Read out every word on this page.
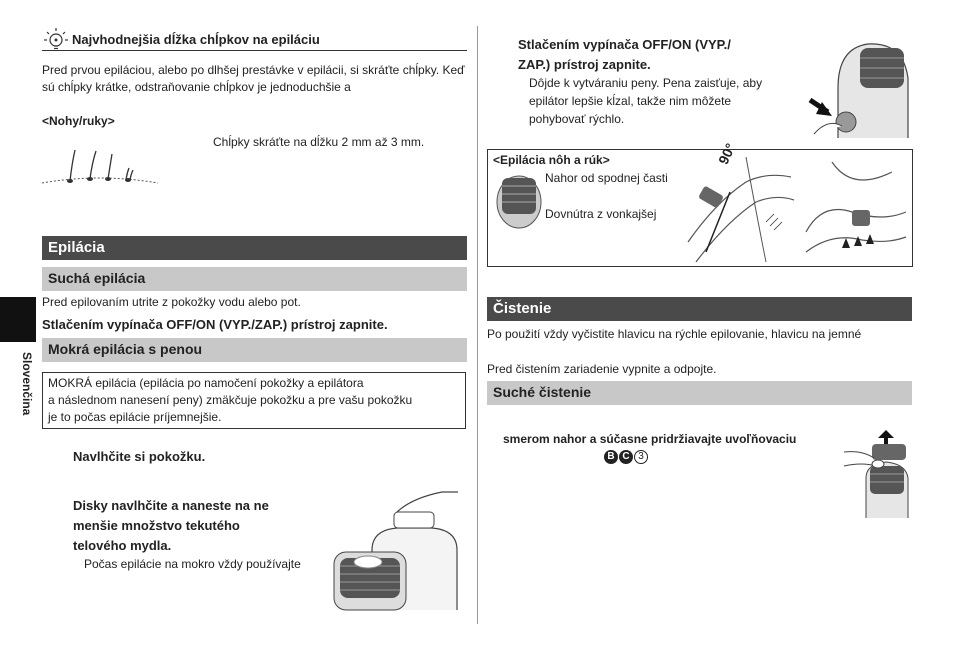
Najvhodnejšia dĺžka chĺpkov na epiláciu
Pred prvou epiláciou, alebo po dlhšej prestávke v epilácii, si skráťte chĺpky. Keď sú chĺpky krátke, odstraňovanie chĺpkov je jednoduchšie a
<Nohy/ruky>
Chĺpky skráťte na dĺžku 2 mm až 3 mm.
Epilácia
Suchá epilácia
Pred epilovaním utrite z pokožky vodu alebo pot.
Stlačením vypínača OFF/ON (VYP./ZAP.) prístroj zapnite.
Mokrá epilácia s penou
MOKRÁ epilácia (epilácia po namočení pokožky a epilátora
a následnom nanesení peny) zmäkčuje pokožku a pre vašu pokožku
je to počas epilácie príjemnejšie.
Navlhčite si pokožku.
Disky navlhčite a naneste na ne
menšie množstvo tekutého
telového mydla.
Počas epilácie na mokro vždy používajte
Slovenčina
Stlačením vypínača OFF/ON (VYP./
ZAP.) prístroj zapnite.
Dôjde k vytváraniu peny. Pena zaisťuje, aby
epilátor lepšie kĺzal, takže nim môžete
pohybovať rýchlo.
<Epilácia nôh a rúk>
Nahor od spodnej časti
Dovnútra z vonkajšej
90°
Čistenie
Po použití vždy vyčistite hlavicu na rýchle epilovanie, hlavicu na jemné
Pred čistením zariadenie vypnite a odpojte.
Suché čistenie
smerom nahor a súčasne pridržiavajte uvoľňovaciu
B C 3
